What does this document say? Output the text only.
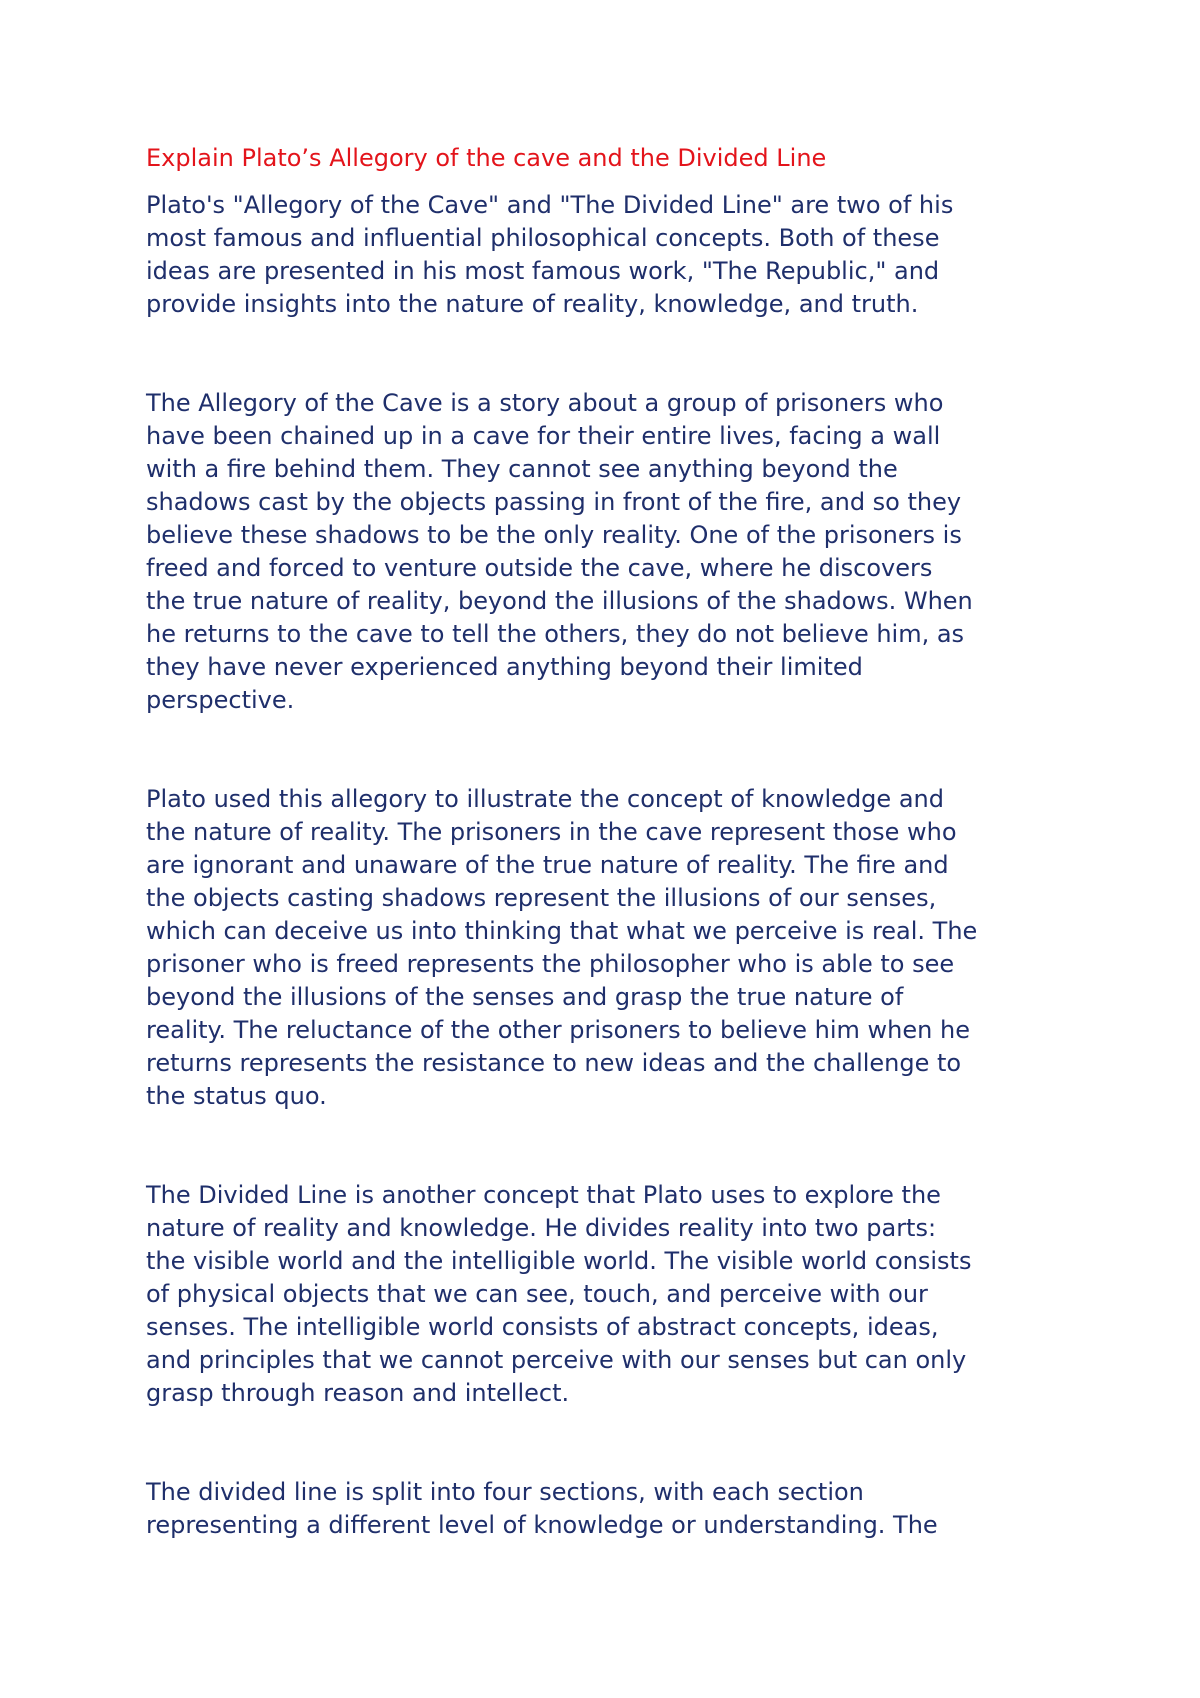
Explain Plato’s Allegory of the cave and the Divided Line

Plato's "Allegory of the Cave" and "The Divided Line" are two of his
most famous and influential philosophical concepts. Both of these
ideas are presented in his most famous work, "The Republic," and
provide insights into the nature of reality, knowledge, and truth.

The Allegory of the Cave is a story about a group of prisoners who
have been chained up in a cave for their entire lives, facing a wall
with a fire behind them. They cannot see anything beyond the
shadows cast by the objects passing in front of the fire, and so they
believe these shadows to be the only reality. One of the prisoners is
freed and forced to venture outside the cave, where he discovers
the true nature of reality, beyond the illusions of the shadows. When
he returns to the cave to tell the others, they do not believe him, as
they have never experienced anything beyond their limited
perspective.

Plato used this allegory to illustrate the concept of knowledge and
the nature of reality. The prisoners in the cave represent those who
are ignorant and unaware of the true nature of reality. The fire and
the objects casting shadows represent the illusions of our senses,
which can deceive us into thinking that what we perceive is real. The
prisoner who is freed represents the philosopher who is able to see
beyond the illusions of the senses and grasp the true nature of
reality. The reluctance of the other prisoners to believe him when he
returns represents the resistance to new ideas and the challenge to
the status quo.

The Divided Line is another concept that Plato uses to explore the
nature of reality and knowledge. He divides reality into two parts:
the visible world and the intelligible world. The visible world consists
of physical objects that we can see, touch, and perceive with our
senses. The intelligible world consists of abstract concepts, ideas,
and principles that we cannot perceive with our senses but can only
grasp through reason and intellect.

The divided line is split into four sections, with each section
representing a different level of knowledge or understanding. The
